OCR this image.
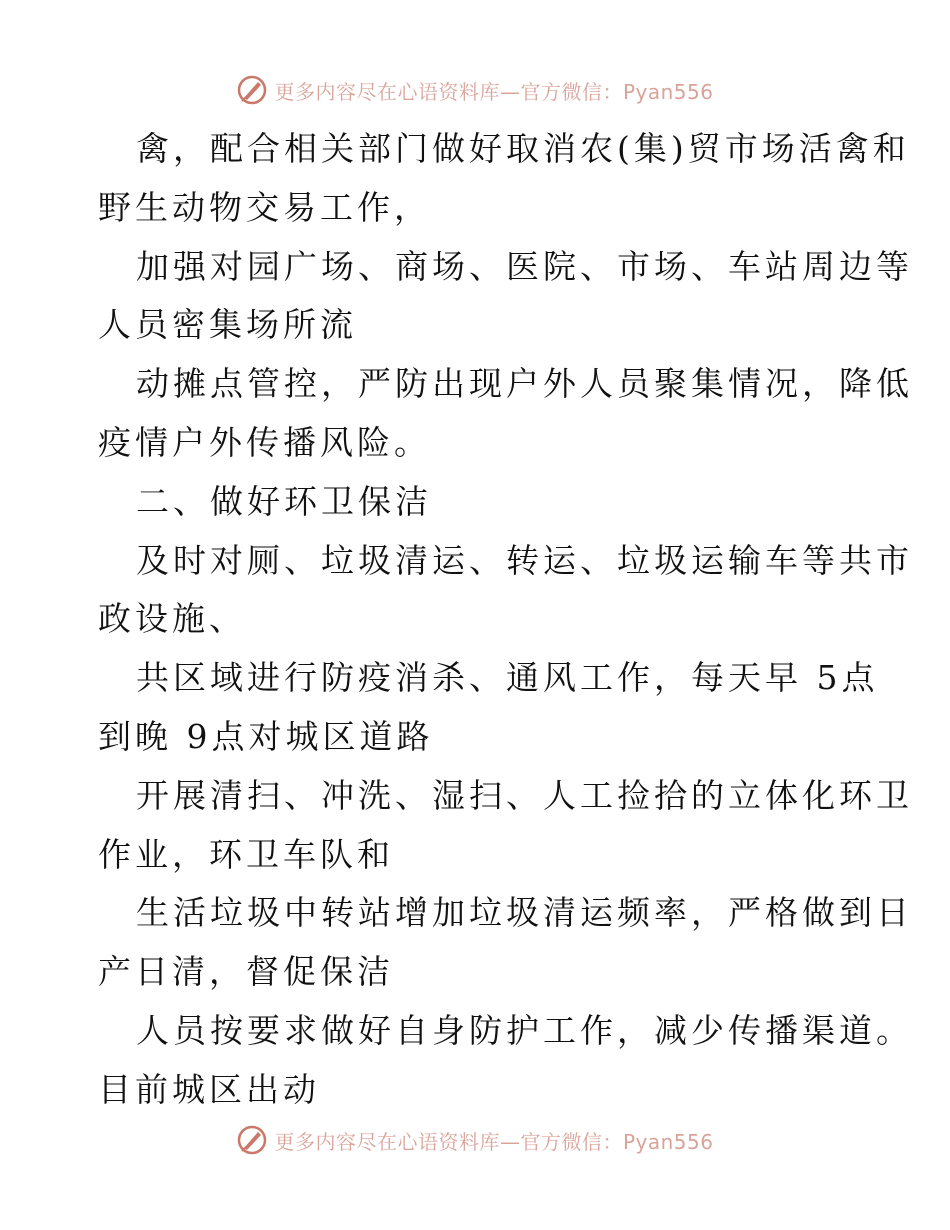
更多内容尽在心语资料库—官方微信：Pyan556

禽，配合相关部门做好取消农(集)贸市场活禽和

野生动物交易工作，

加强对园广场、商场、医院、市场、车站周边等

人员密集场所流

动摊点管控，严防出现户外人员聚集情况，降低

疫情户外传播风险。

二、做好环卫保洁

及时对厕、垃圾清运、转运、垃圾运输车等共市

政设施、

共区域进行防疫消杀、通风工作，每天早 5点

到晚 9点对城区道路

开展清扫、冲洗、湿扫、人工捡拾的立体化环卫

作业，环卫车队和

生活垃圾中转站增加垃圾清运频率，严格做到日

产日清，督促保洁

人员按要求做好自身防护工作，减少传播渠道。

目前城区出动

更多内容尽在心语资料库—官方微信：Pyan556
